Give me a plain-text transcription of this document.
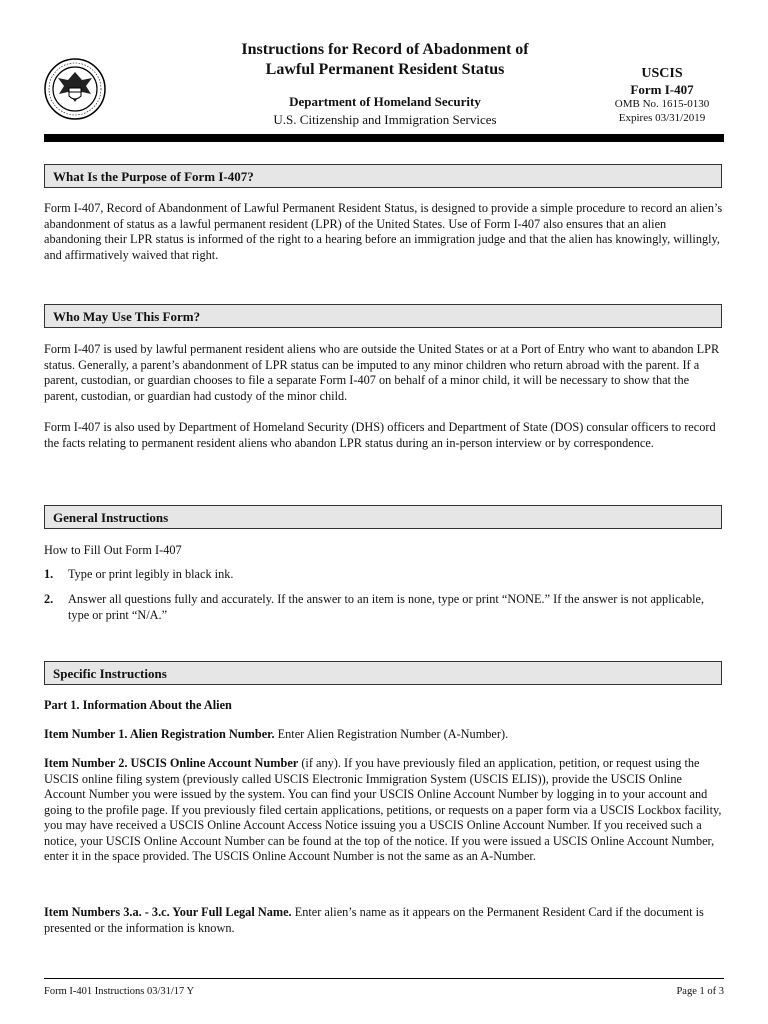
Instructions for Record of Abadonment of
Lawful Permanent Resident Status
Department of Homeland Security
U.S. Citizenship and Immigration Services
USCIS
Form I-407
OMB No. 1615-0130
Expires 03/31/2019
What Is the Purpose of Form I-407?
Form I-407, Record of Abandonment of Lawful Permanent Resident Status, is designed to provide a simple procedure to record an alien’s abandonment of status as a lawful permanent resident (LPR) of the United States. Use of Form I-407 also ensures that an alien abandoning their LPR status is informed of the right to a hearing before an immigration judge and that the alien has knowingly, willingly, and affirmatively waived that right.
Who May Use This Form?
Form I-407 is used by lawful permanent resident aliens who are outside the United States or at a Port of Entry who want to abandon LPR status. Generally, a parent’s abandonment of LPR status can be imputed to any minor children who return abroad with the parent. If a parent, custodian, or guardian chooses to file a separate Form I-407 on behalf of a minor child, it will be necessary to show that the parent, custodian, or guardian had custody of the minor child.
Form I-407 is also used by Department of Homeland Security (DHS) officers and Department of State (DOS) consular officers to record the facts relating to permanent resident aliens who abandon LPR status during an in-person interview or by correspondence.
General Instructions
How to Fill Out Form I-407
1. Type or print legibly in black ink.
2. Answer all questions fully and accurately. If the answer to an item is none, type or print “NONE.” If the answer is not applicable, type or print “N/A.”
Specific Instructions
Part 1. Information About the Alien
Item Number 1. Alien Registration Number. Enter Alien Registration Number (A-Number).
Item Number 2. USCIS Online Account Number (if any). If you have previously filed an application, petition, or request using the USCIS online filing system (previously called USCIS Electronic Immigration System (USCIS ELIS)), provide the USCIS Online Account Number you were issued by the system. You can find your USCIS Online Account Number by logging in to your account and going to the profile page. If you previously filed certain applications, petitions, or requests on a paper form via a USCIS Lockbox facility, you may have received a USCIS Online Account Access Notice issuing you a USCIS Online Account Number. If you received such a notice, your USCIS Online Account Number can be found at the top of the notice. If you were issued a USCIS Online Account Number, enter it in the space provided. The USCIS Online Account Number is not the same as an A-Number.
Item Numbers 3.a. - 3.c. Your Full Legal Name. Enter alien’s name as it appears on the Permanent Resident Card if the document is presented or the information is known.
Form I-401 Instructions 03/31/17 Y	Page 1 of 3
